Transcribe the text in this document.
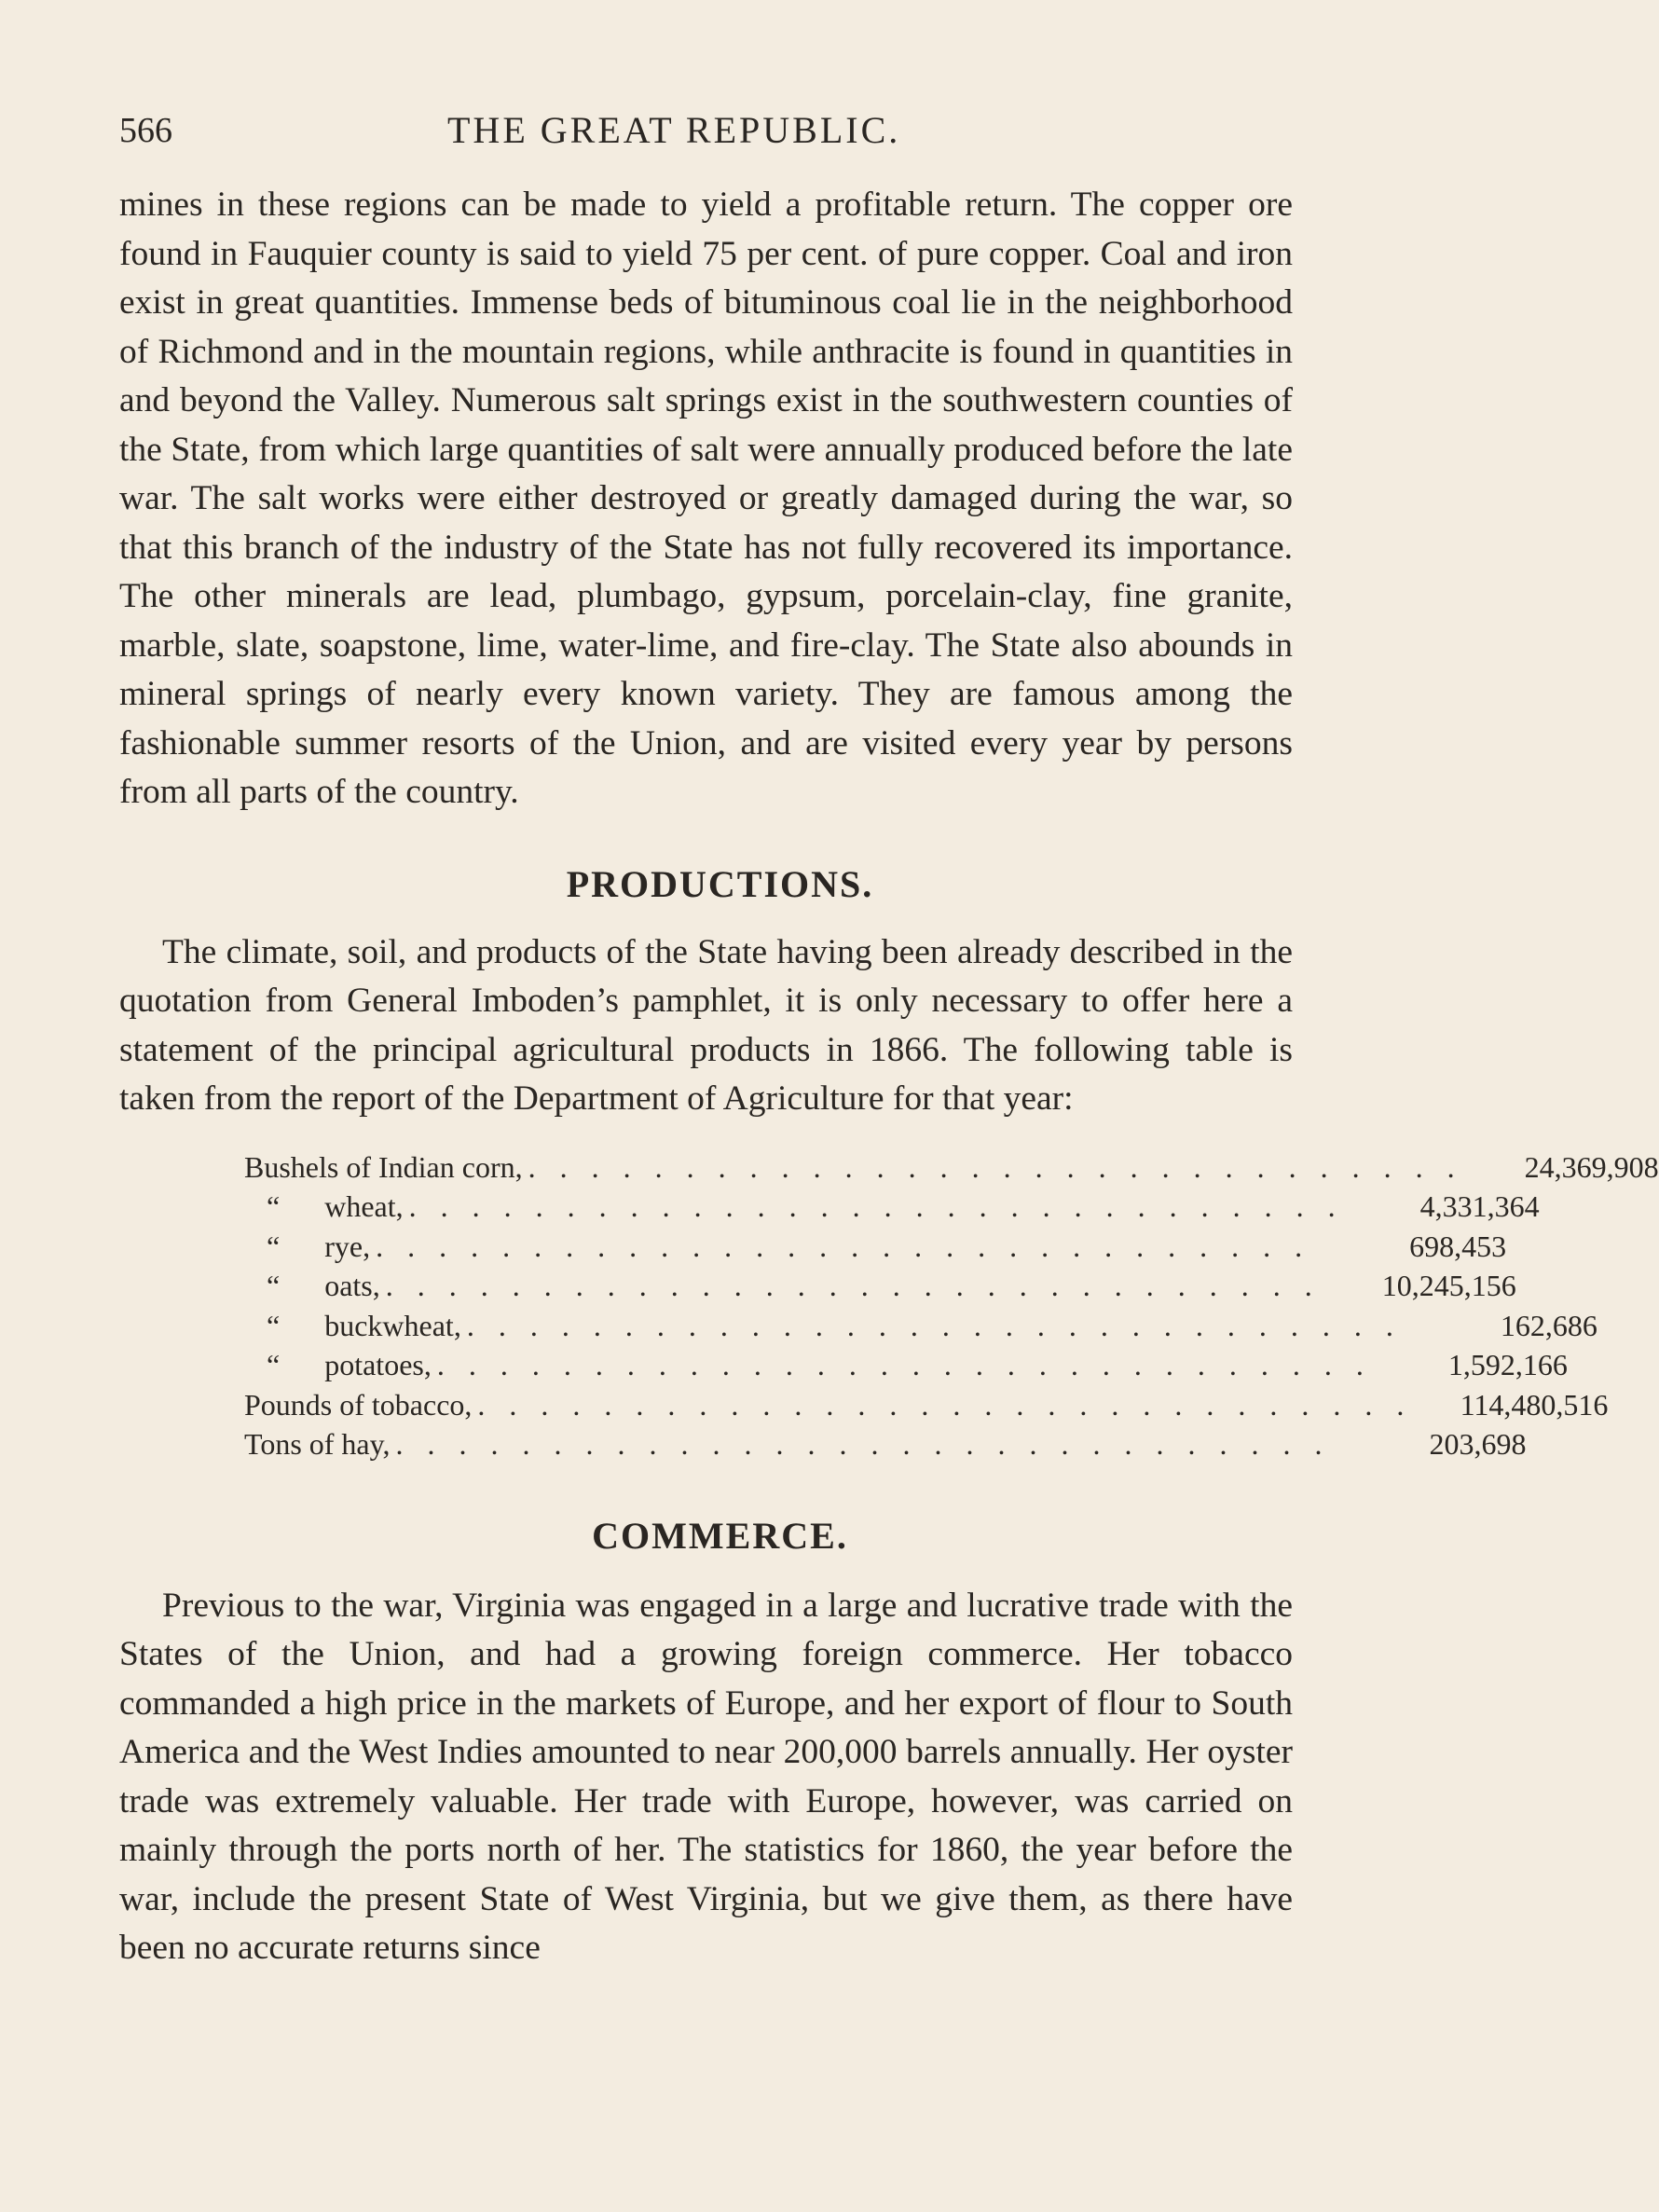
566	THE GREAT REPUBLIC.

mines in these regions can be made to yield a profitable return. The copper ore found in Fauquier county is said to yield 75 per cent. of pure copper. Coal and iron exist in great quantities. Immense beds of bituminous coal lie in the neighborhood of Richmond and in the mountain regions, while anthracite is found in quantities in and beyond the Valley. Numerous salt springs exist in the southwestern counties of the State, from which large quantities of salt were annually produced before the late war. The salt works were either destroyed or greatly damaged during the war, so that this branch of the industry of the State has not fully recovered its importance. The other minerals are lead, plumbago, gypsum, porcelain-clay, fine granite, marble, slate, soapstone, lime, water-lime, and fire-clay. The State also abounds in mineral springs of nearly every known variety. They are famous among the fashionable summer resorts of the Union, and are visited every year by persons from all parts of the country.

PRODUCTIONS.

The climate, soil, and products of the State having been already described in the quotation from General Imboden’s pamphlet, it is only necessary to offer here a statement of the principal agricultural products in 1866. The following table is taken from the report of the Department of Agriculture for that year:

Bushels of Indian corn, . . . . . . . . . . . . . . . . . . . . . . . . . . . . . .	24,369,908
“      wheat, . . . . . . . . . . . . . . . . . . . . . . . . . . . . . .	4,331,364
“      rye, . . . . . . . . . . . . . . . . . . . . . . . . . . . . . .	698,453
“      oats, . . . . . . . . . . . . . . . . . . . . . . . . . . . . . .	10,245,156
“      buckwheat, . . . . . . . . . . . . . . . . . . . . . . . . . . . . . .	162,686
“      potatoes, . . . . . . . . . . . . . . . . . . . . . . . . . . . . . .	1,592,166
Pounds of tobacco, . . . . . . . . . . . . . . . . . . . . . . . . . . . . . .	114,480,516
Tons of hay, . . . . . . . . . . . . . . . . . . . . . . . . . . . . . .	203,698
COMMERCE.

Previous to the war, Virginia was engaged in a large and lucrative trade with the States of the Union, and had a growing foreign commerce. Her tobacco commanded a high price in the markets of Europe, and her export of flour to South America and the West Indies amounted to near 200,000 barrels annually. Her oyster trade was extremely valuable. Her trade with Europe, however, was carried on mainly through the ports north of her. The statistics for 1860, the year before the war, include the present State of West Virginia, but we give them, as there have been no accurate returns since
